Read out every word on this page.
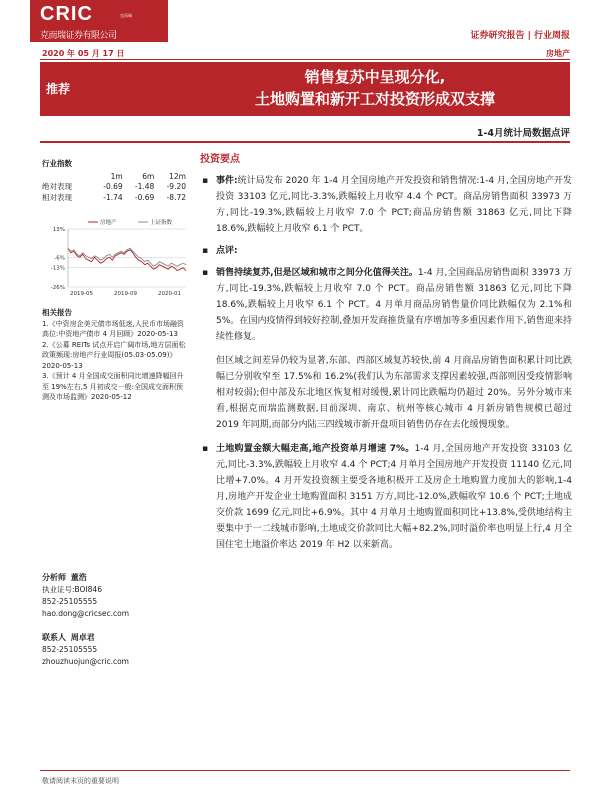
CRIC	克而瑞
克而瑞证券有限公司	证券研究报告 | 行业周报
2020 年 05 月 17 日	房地产
推荐
销售复苏中呈现分化,
土地购置和新开工对投资形成双支撑
1-4月统计局数据点评
行业指数
	1m	6m	12m
绝对表现	-0.69	-1.48	-9.20
相对表现	-1.74	-0.69	-8.72
13%
-6%
-13%
-26%
2019-05	2019-09	2020-01
房地产	上证指数
相关报告
1.《中资房企美元债市场低迷,人民币市场融资高位:中资地产债市 4 月回顾》2020-05-13
2.《公募 REITs 试点开启广阔市场,地方层面松政策频现:房地产行业周报(05.03-05.09)》2020-05-13
3.《预计 4 月全国成交面积同比增速降幅回升至 19%左右,5 月初成交一般:全国成交面积预测及市场监测》2020-05-12
分析师 董浩
执业证号:BOI846
852-25105555
hao.dong@cricsec.com
联系人 周卓君
852-25105555
zhouzhuojun@cric.com
投资要点
▪ 事件:统计局发布 2020 年 1-4 月全国房地产开发投资和销售情况:1-4 月,全国房地产开发投资 33103 亿元,同比-3.3%,跌幅较上月收窄 4.4 个 PCT。商品房销售面积 33973 万方,同比-19.3%,跌幅较上月收窄 7.0 个 PCT;商品房销售额 31863 亿元,同比下降 18.6%,跌幅较上月收窄 6.1 个 PCT。
▪ 点评:
▪ 销售持续复苏,但是区域和城市之间分化值得关注。1-4 月,全国商品房销售面积 33973 万方,同比-19.3%,跌幅较上月收窄 7.0 个 PCT。商品房销售额 31863 亿元,同比下降 18.6%,跌幅较上月收窄 6.1 个 PCT。4 月单月商品房销售量价同比跌幅仅为 2.1%和 5%。在国内疫情得到较好控制,叠加开发商推货量有序增加等多重因素作用下,销售迎来持续性修复。
但区域之间差异仍较为显著,东部、西部区域复苏较快,前 4 月商品房销售面积累计同比跌幅已分别收窄至 17.5%和 16.2%(我们认为东部需求支撑因素较强,西部则因受疫情影响相对较弱);但中部及东北地区恢复相对缓慢,累计同比跌幅均仍超过 20%。另外分城市来看,根据克而瑞监测数据,目前深圳、南京、杭州等核心城市 4 月新房销售规模已超过 2019 年同期,而部分内陆三四线城市新开盘项目销售仍存在去化缓慢现象。
▪ 土地购置金额大幅走高,地产投资单月增速 7%。1-4 月,全国房地产开发投资 33103 亿元,同比-3.3%,跌幅较上月收窄 4.4 个 PCT;4 月单月全国房地产开发投资 11140 亿元,同比增+7.0%。4 月开发投资额主要受各地积极开工及房企土地购置力度加大的影响,1-4 月,房地产开发企业土地购置面积 3151 万方,同比-12.0%,跌幅收窄 10.6 个 PCT;土地成交价款 1699 亿元,同比+6.9%。其中 4 月单月土地购置面积同比+13.8%,受供地结构主要集中于一二线城市影响,土地成交价款同比大幅+82.2%,同时溢价率也明显上行,4 月全国住宅土地溢价率达 2019 年 H2 以来新高。
敬请阅读末页的重要说明
